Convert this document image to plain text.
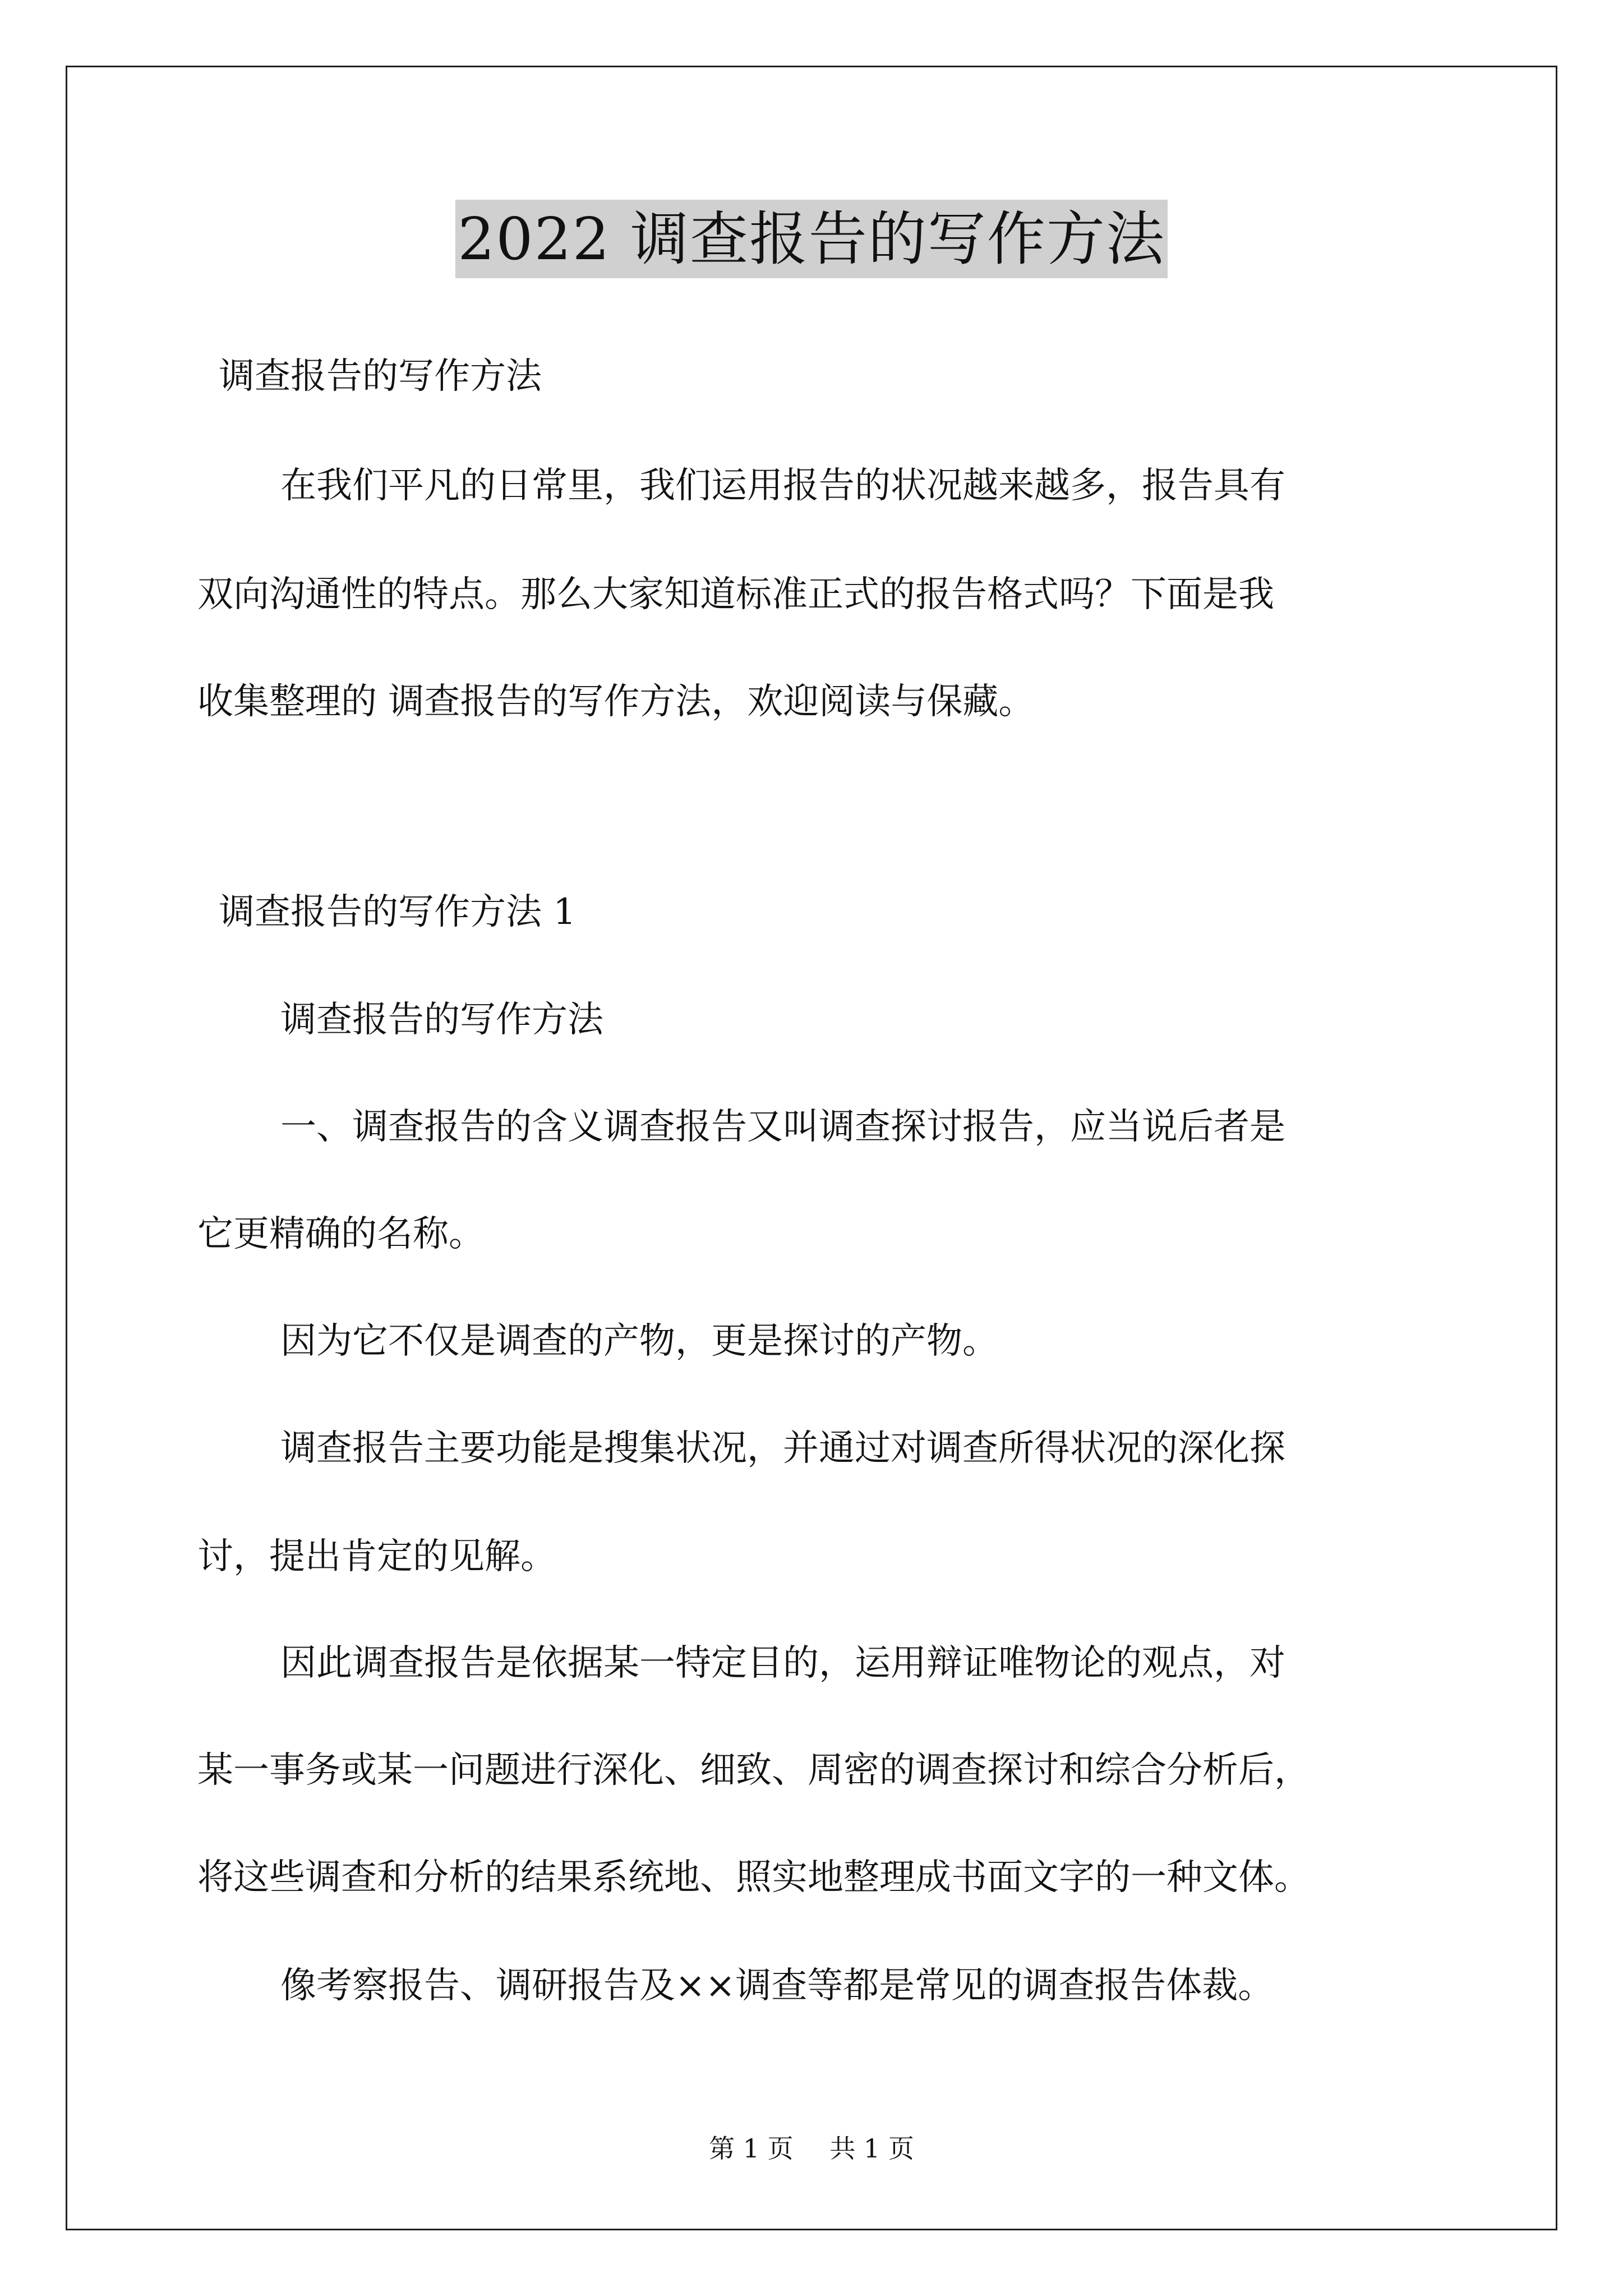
2022 调查报告的写作方法
调查报告的写作方法
在我们平凡的日常里，我们运用报告的状况越来越多，报告具有
双向沟通性的特点。那么大家知道标准正式的报告格式吗？下面是我
收集整理的 调查报告的写作方法，欢迎阅读与保藏。
调查报告的写作方法 1
调查报告的写作方法
一、调查报告的含义调查报告又叫调查探讨报告，应当说后者是
它更精确的名称。
因为它不仅是调查的产物，更是探讨的产物。
调查报告主要功能是搜集状况，并通过对调查所得状况的深化探
讨，提出肯定的见解。
因此调查报告是依据某一特定目的，运用辩证唯物论的观点，对
某一事务或某一问题进行深化、细致、周密的调查探讨和综合分析后，
将这些调查和分析的结果系统地、照实地整理成书面文字的一种文体。
像考察报告、调研报告及××调查等都是常见的调查报告体裁。
第 1 页 共 1 页
